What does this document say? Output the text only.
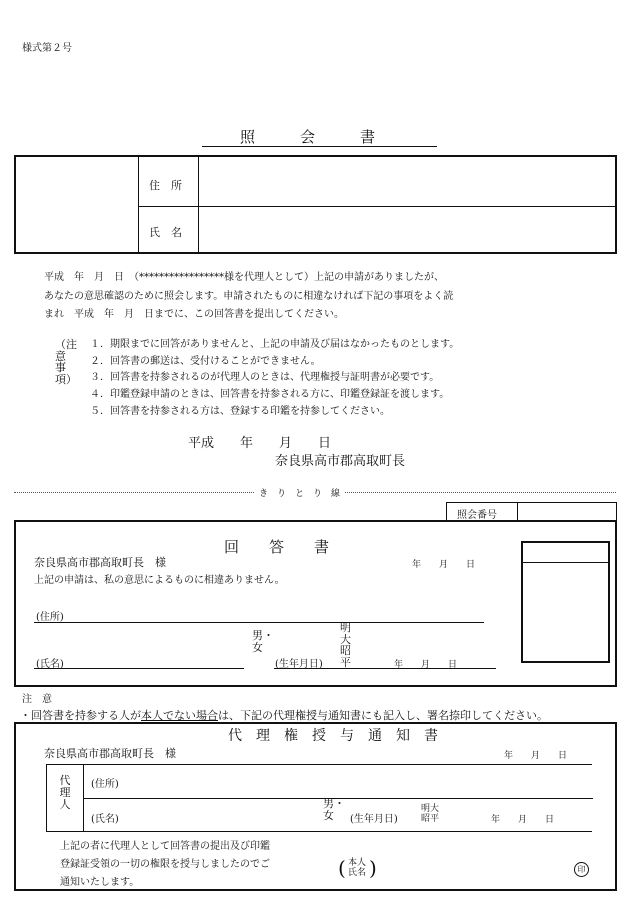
様式第２号
照　　　会　　　書
住　所
氏　名
平成　年　月　日　（*****************様を代理人として）上記の申請がありましたが、
あなたの意思確認のために照会します。申請されたものに相違なければ下記の事項をよく読
まれ　平成　年　月　日までに、この回答書を提出してください。
（注意事項）
１．期限までに回答がありませんと、上記の申請及び届はなかったものとします。
２．回答書の郵送は、受付けることができません。
３．回答書を持参されるのが代理人のときは、代理権授与証明書が必要です。
４．印鑑登録申請のときは、回答書を持参される方に、印鑑登録証を渡します。
５．回答書を持参される方は、登録する印鑑を持参してください。
平成　　年　　月　　日
奈良県高市郡高取町長
き　り　と　り　線
照会番号
回　　答　　書
奈良県高市郡高取町長　様	年　　月　　日
上記の申請は、私の意思によるものに相違ありません。
(住所)
(氏名)
男・女
(生年月日)
明大昭平	年　　月　　日
注　意
・回答書を持参する人が本人でない場合は、下記の代理権授与通知書にも記入し、署名捺印してください。
代　理　権　授　与　通　知　書
奈良県高市郡高取町長　様	年　　月　　日
代理人
(住所)
(氏名)
男・女 (生年月日)
明大昭平	年　　月　　日
上記の者に代理人として回答書の提出及び印鑑
登録証受領の一切の権限を授与しましたのでご
通知いたします。
( 本人氏名 )	印
